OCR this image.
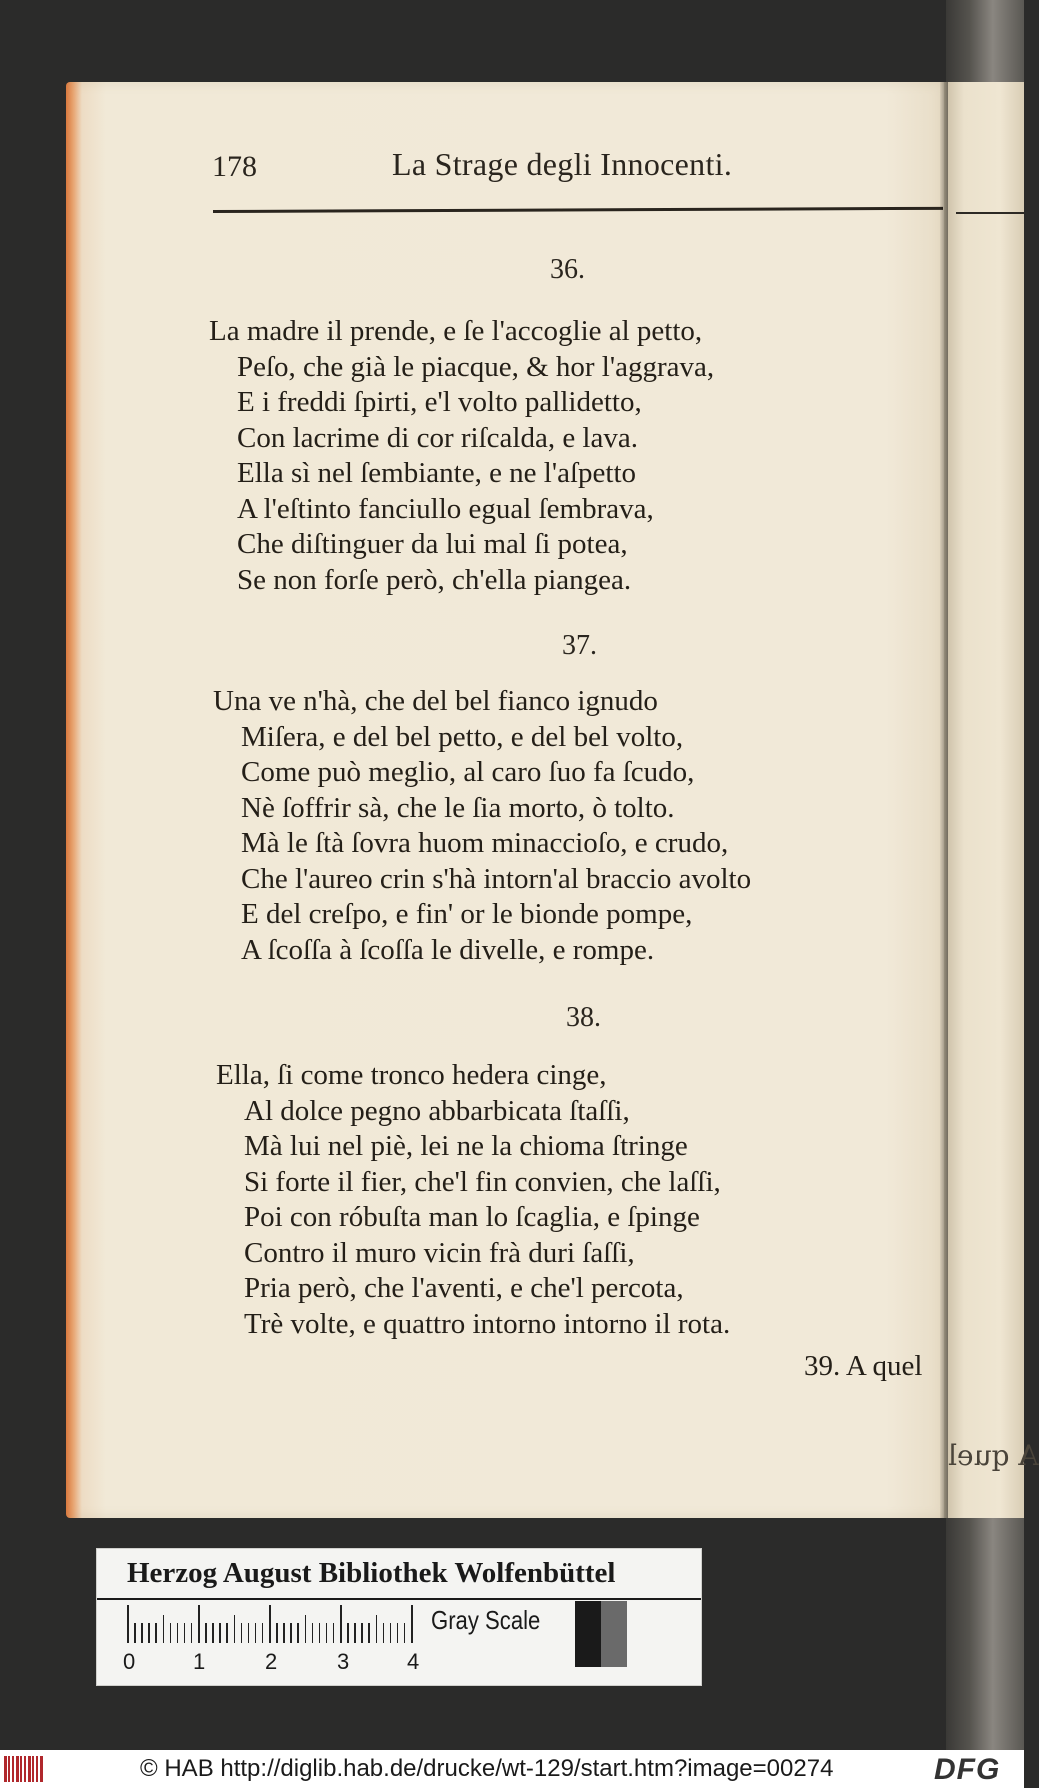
A quel
178	La Strage degli Innocenti.
36.
La madre il prende, e ſe l'accoglie al petto,
Peſo, che già le piacque, & hor l'aggrava,
E i freddi ſpirti, e'l volto pallidetto,
Con lacrime di cor riſcalda, e lava.
Ella sì nel ſembiante, e ne l'aſpetto
A l'eſtinto fanciullo egual ſembrava,
Che diſtinguer da lui mal ſi potea,
Se non forſe però, ch'ella piangea.
37.
Una ve n'hà, che del bel fianco ignudo
Miſera, e del bel petto, e del bel volto,
Come può meglio, al caro ſuo fa ſcudo,
Nè ſoffrir sà, che le ſia morto, ò tolto.
Mà le ſtà ſovra huom minaccioſo, e crudo,
Che l'aureo crin s'hà intorn'al braccio avolto
E del creſpo, e fin' or le bionde pompe,
A ſcoſſa à ſcoſſa le divelle, e rompe.
38.
Ella, ſi come tronco hedera cinge,
Al dolce pegno abbarbicata ſtaſſi,
Mà lui nel piè, lei ne la chioma ſtringe
Si forte il fier, che'l fin convien, che laſſi,
Poi con róbuſta man lo ſcaglia, e ſpinge
Contro il muro vicin frà duri ſaſſi,
Pria però, che l'aventi, e che'l percota,
Trè volte, e quattro intorno intorno il rota.
39. A quel
Herzog August Bibliothek Wolfenbüttel
0	1	2	3	4
Gray Scale
© HAB http://diglib.hab.de/drucke/wt-129/start.htm?image=00274	DFG
